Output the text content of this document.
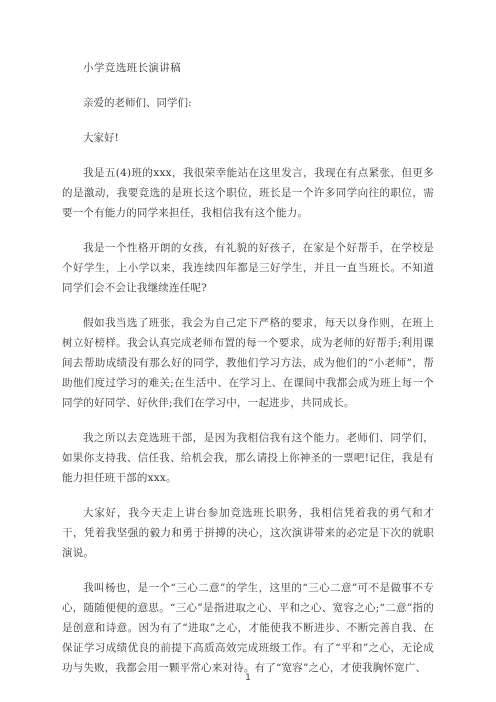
小学竞选班长演讲稿

亲爱的老师们、同学们:

大家好!

我是五(4)班的xxx，我很荣幸能站在这里发言，我现在有点紧张，但更多的是激动，我要竞选的是班长这个职位，班长是一个许多同学向往的职位，需要一个有能力的同学来担任，我相信我有这个能力。

我是一个性格开朗的女孩，有礼貌的好孩子，在家是个好帮手，在学校是个好学生，上小学以来，我连续四年都是三好学生，并且一直当班长。不知道同学们会不会让我继续连任呢?

假如我当选了班张，我会为自己定下严格的要求，每天以身作则，在班上树立好榜样。我会认真完成老师布置的每一个要求，成为老师的好帮手;利用课间去帮助成绩没有那么好的同学，教他们学习方法，成为他们的“小老师”，帮助他们度过学习的难关;在生活中、在学习上、在课间中我都会成为班上每一个同学的好同学、好伙伴;我们在学习中，一起进步，共同成长。

我之所以去竞选班干部，是因为我相信我有这个能力。老师们、同学们，如果你支持我、信任我、给机会我，那么请投上你神圣的一票吧!记住，我是有能力担任班干部的xxx。

大家好，我今天走上讲台参加竞选班长职务，我相信凭着我的勇气和才干，凭着我坚强的毅力和勇于拼搏的决心，这次演讲带来的必定是下次的就职演说。

我叫杨也，是一个“三心二意”的学生，这里的“三心二意”可不是做事不专心，随随便便的意思。“三心”是指进取之心、平和之心、宽容之心;“二意”指的是创意和诗意。因为有了“进取”之心，才能使我不断进步、不断完善自我、在保证学习成绩优良的前提下高质高效完成班级工作。有了“平和”之心，无论成功与失败，我都会用一颗平常心来对待。有了“宽容”之心，才使我胸怀宽广、

1
